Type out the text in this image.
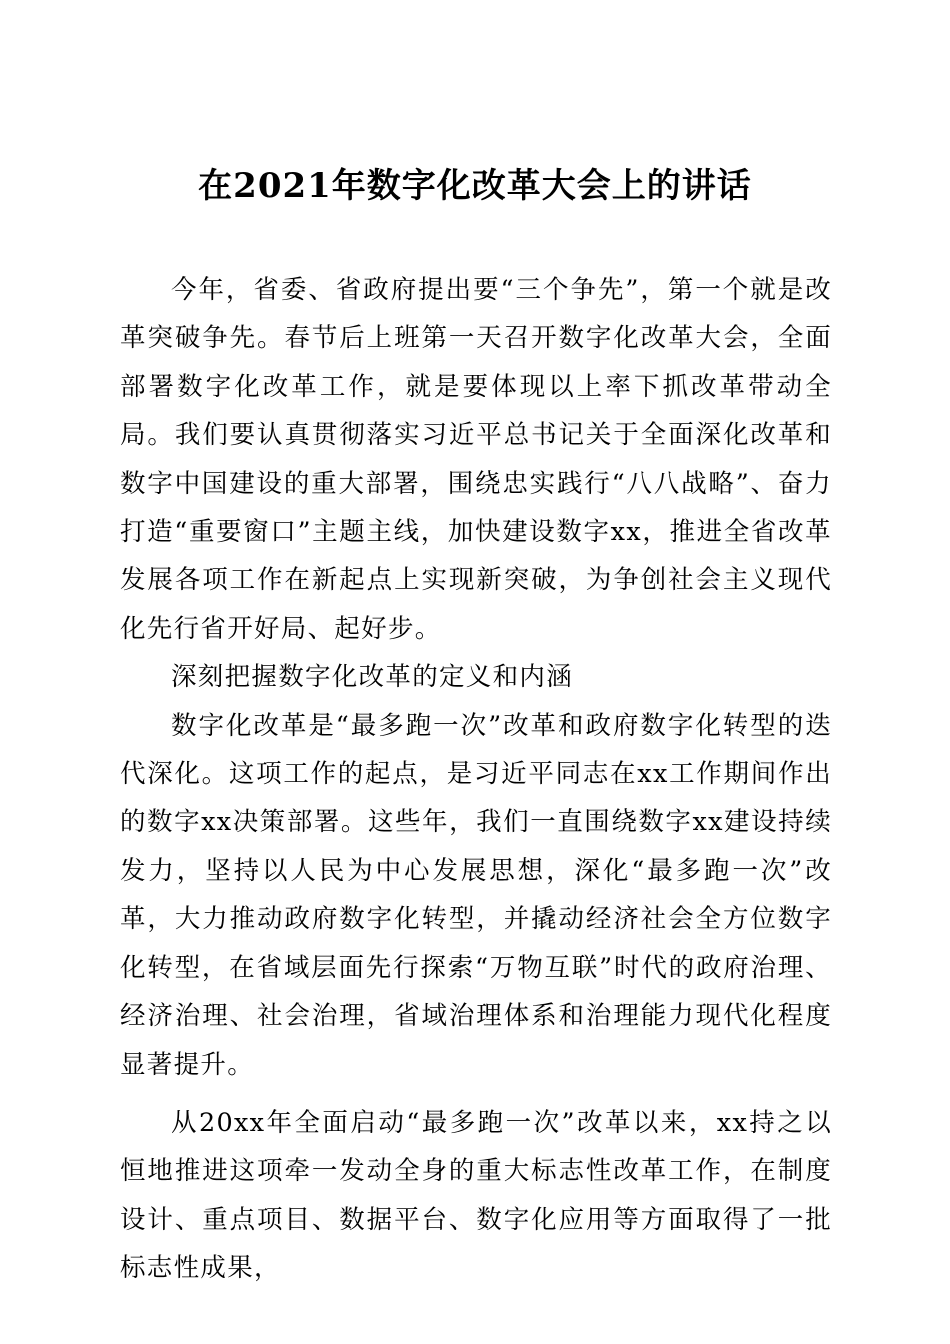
在2021年数字化改革大会上的讲话

今年，省委、省政府提出要“三个争先”，第一个就是改革突破争先。春节后上班第一天召开数字化改革大会，全面部署数字化改革工作，就是要体现以上率下抓改革带动全局。我们要认真贯彻落实习近平总书记关于全面深化改革和数字中国建设的重大部署，围绕忠实践行“八八战略”、奋力打造“重要窗口”主题主线，加快建设数字xx，推进全省改革发展各项工作在新起点上实现新突破，为争创社会主义现代化先行省开好局、起好步。

深刻把握数字化改革的定义和内涵

数字化改革是“最多跑一次”改革和政府数字化转型的迭代深化。这项工作的起点，是习近平同志在xx工作期间作出的数字xx决策部署。这些年，我们一直围绕数字xx建设持续发力，坚持以人民为中心发展思想，深化“最多跑一次”改革，大力推动政府数字化转型，并撬动经济社会全方位数字化转型，在省域层面先行探索“万物互联”时代的政府治理、经济治理、社会治理，省域治理体系和治理能力现代化程度显著提升。

从20xx年全面启动“最多跑一次”改革以来，xx持之以恒地推进这项牵一发动全身的重大标志性改革工作，在制度设计、重点项目、数据平台、数字化应用等方面取得了一批标志性成果，
